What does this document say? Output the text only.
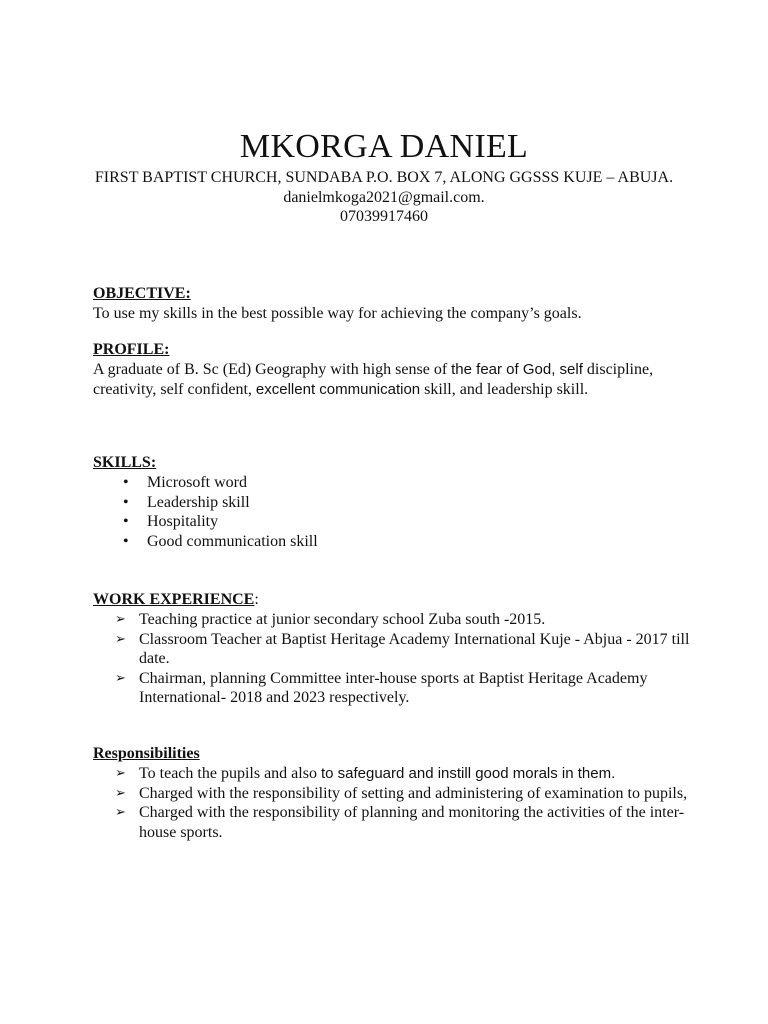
MKORGA DANIEL
FIRST BAPTIST CHURCH, SUNDABA P.O. BOX 7, ALONG GGSSS KUJE – ABUJA.
danielmkoga2021@gmail.com.
07039917460
OBJECTIVE:
To use my skills in the best possible way for achieving the company’s goals.
PROFILE:
A graduate of B. Sc (Ed) Geography with high sense of the fear of God, self discipline, creativity, self confident, excellent communication skill, and leadership skill.
SKILLS:
• Microsoft word
• Leadership skill
• Hospitality
• Good communication skill
WORK EXPERIENCE:
➢ Teaching practice at junior secondary school Zuba south -2015.
➢ Classroom Teacher at Baptist Heritage Academy International Kuje - Abjua - 2017 till date.
➢ Chairman, planning Committee inter-house sports at Baptist Heritage Academy International- 2018 and 2023 respectively.
Responsibilities
➢ To teach the pupils and also to safeguard and instill good morals in them.
➢ Charged with the responsibility of setting and administering of examination to pupils,
➢ Charged with the responsibility of planning and monitoring the activities of the inter-house sports.
